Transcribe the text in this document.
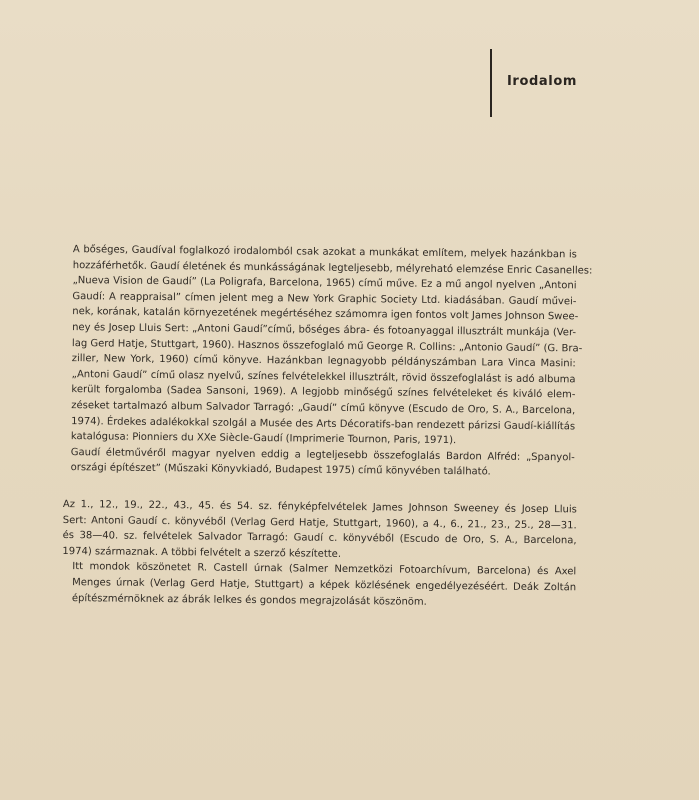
Irodalom

A bőséges, Gaudíval foglalkozó irodalomból csak azokat a munkákat említem, melyek hazánkban is
hozzáférhetők. Gaudí életének és munkásságának legteljesebb, mélyreható elemzése Enric Casanelles:
„Nueva Vision de Gaudí” (La Poligrafa, Barcelona, 1965) című műve. Ez a mű angol nyelven „Antoni
Gaudí: A reappraisal” címen jelent meg a New York Graphic Society Ltd. kiadásában. Gaudí művei-
nek, korának, katalán környezetének megértéséhez számomra igen fontos volt James Johnson Swee-
ney és Josep Lluis Sert: „Antoni Gaudí”című, bőséges ábra- és fotoanyaggal illusztrált munkája (Ver-
lag Gerd Hatje, Stuttgart, 1960). Hasznos összefoglaló mű George R. Collins: „Antonio Gaudí” (G. Bra-
ziller, New York, 1960) című könyve. Hazánkban legnagyobb példányszámban Lara Vinca Masini:
„Antoni Gaudí” című olasz nyelvű, színes felvételekkel illusztrált, rövid összefoglalást is adó albuma
került forgalomba (Sadea Sansoni, 1969). A legjobb minőségű színes felvételeket és kiváló elem-
zéseket tartalmazó album Salvador Tarragó: „Gaudí” című könyve (Escudo de Oro, S. A., Barcelona,
1974). Érdekes adalékokkal szolgál a Musée des Arts Décoratifs-ban rendezett párizsi Gaudí-kiállítás
katalógusa: Pionniers du XXe Siècle-Gaudí (Imprimerie Tournon, Paris, 1971).

Gaudí életművéről magyar nyelven eddig a legteljesebb összefoglalás Bardon Alfréd: „Spanyol-
országi építészet” (Műszaki Könyvkiadó, Budapest 1975) című könyvében található.

Az 1., 12., 19., 22., 43., 45. és 54. sz. fényképfelvételek James Johnson Sweeney és Josep Lluis
Sert: Antoni Gaudí c. könyvéből (Verlag Gerd Hatje, Stuttgart, 1960), a 4., 6., 21., 23., 25., 28—31.
és 38—40. sz. felvételek Salvador Tarragó: Gaudí c. könyvéből (Escudo de Oro, S. A., Barcelona,
1974) származnak. A többi felvételt a szerző készítette.

Itt mondok köszönetet R. Castell úrnak (Salmer Nemzetközi Fotoarchívum, Barcelona) és Axel
Menges úrnak (Verlag Gerd Hatje, Stuttgart) a képek közlésének engedélyezéséért. Deák Zoltán
építészmérnöknek az ábrák lelkes és gondos megrajzolását köszönöm.
